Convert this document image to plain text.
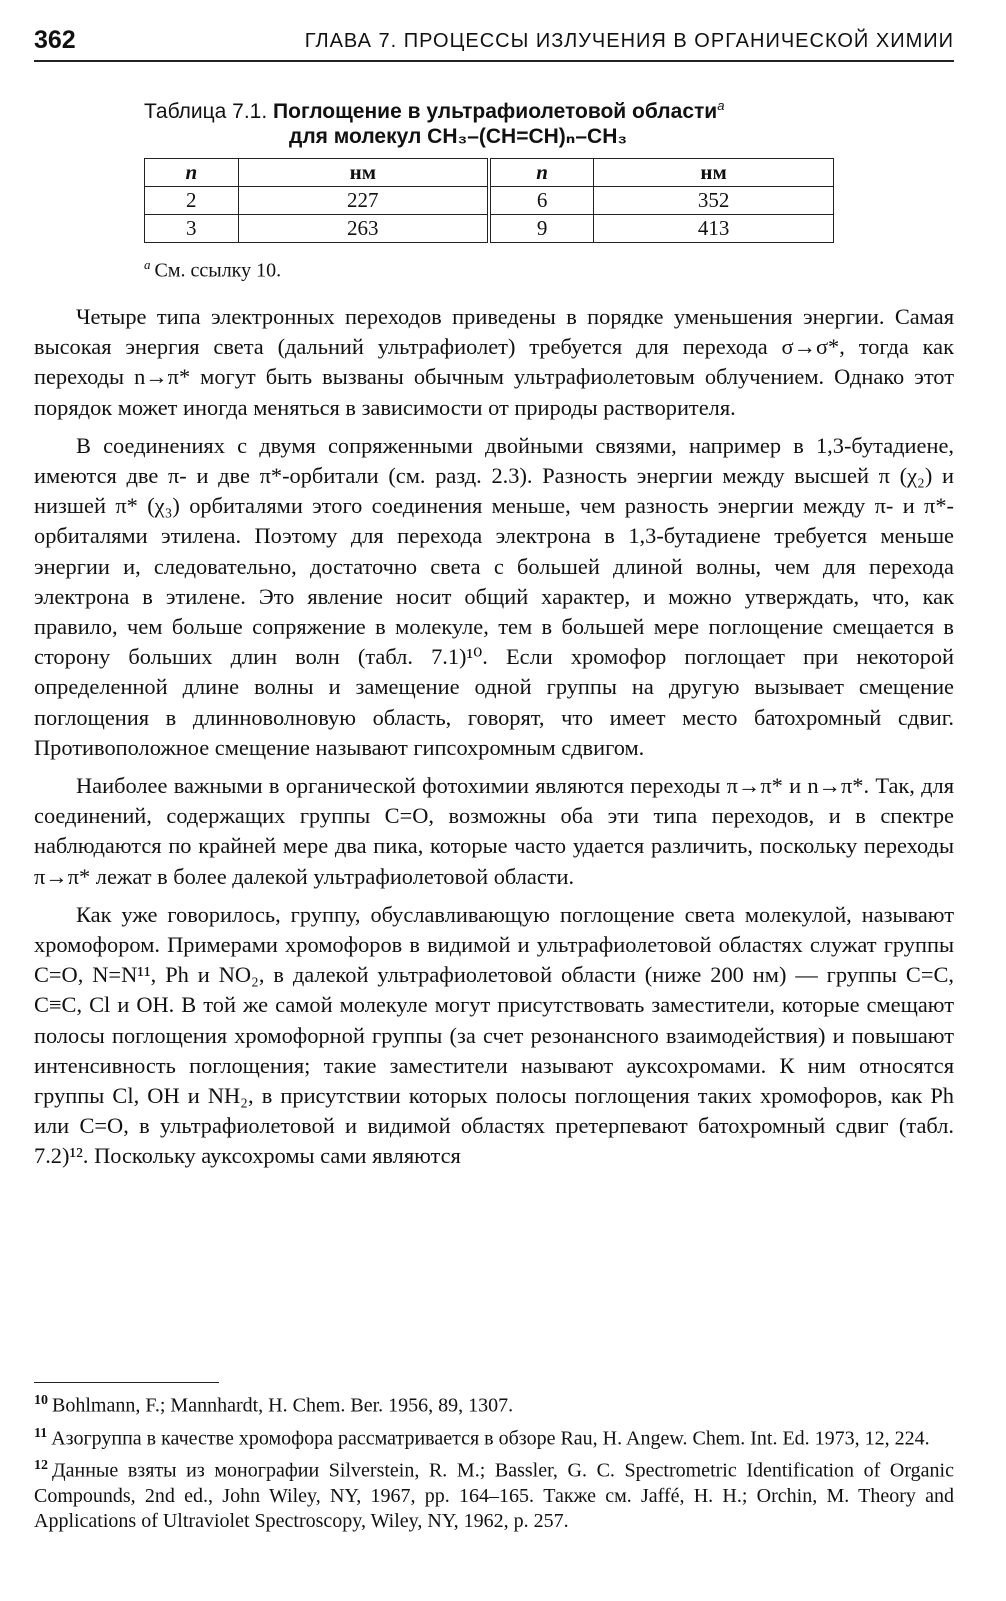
362	ГЛАВА 7. ПРОЦЕССЫ ИЗЛУЧЕНИЯ В ОРГАНИЧЕСКОЙ ХИМИИ
Таблица 7.1. Поглощение в ультрафиолетовой области$^a$
для молекул CH₃–(CH=CH)ₙ–CH₃
n	нм	n	нм
2	227	6	352
3	263	9	413
$^a$ См. ссылку 10.

Четыре типа электронных переходов приведены в порядке уменьшения энергии. Самая высокая энергия света (дальний ультрафиолет) требуется для перехода σ→σ*, тогда как переходы n→π* могут быть вызваны обычным ультрафиолетовым облучением. Однако этот порядок может иногда меняться в зависимости от природы растворителя.

В соединениях с двумя сопряженными двойными связями, например в 1,3-бутадиене, имеются две π- и две π*-орбитали (см. разд. 2.3). Разность энергии между высшей π (χ₂) и низшей π* (χ₃) орбиталями этого соединения меньше, чем разность энергии между π- и π*-орбиталями этилена. Поэтому для перехода электрона в 1,3-бутадиене требуется меньше энергии и, следовательно, достаточно света с большей длиной волны, чем для перехода электрона в этилене. Это явление носит общий характер, и можно утверждать, что, как правило, чем больше сопряжение в молекуле, тем в большей мере поглощение смещается в сторону больших длин волн (табл. 7.1)¹⁰. Если хромофор поглощает при некоторой определенной длине волны и замещение одной группы на другую вызывает смещение поглощения в длинноволновую область, говорят, что имеет место батохромный сдвиг. Противоположное смещение называют гипсохромным сдвигом.

Наиболее важными в органической фотохимии являются переходы π→π* и n→π*. Так, для соединений, содержащих группы C=O, возможны оба эти типа переходов, и в спектре наблюдаются по крайней мере два пика, которые часто удается различить, поскольку переходы π→π* лежат в более далекой ультрафиолетовой области.

Как уже говорилось, группу, обуславливающую поглощение света молекулой, называют хромофором. Примерами хромофоров в видимой и ультрафиолетовой областях служат группы C=O, N=N¹¹, Ph и NO₂, в далекой ультрафиолетовой области (ниже 200 нм) — группы C=C, C≡C, Cl и OH. В той же самой молекуле могут присутствовать заместители, которые смещают полосы поглощения хромофорной группы (за счет резонансного взаимодействия) и повышают интенсивность поглощения; такие заместители называют ауксохромами. К ним относятся группы Cl, OH и NH₂, в присутствии которых полосы поглощения таких хромофоров, как Ph или C=O, в ультрафиолетовой и видимой областях претерпевают батохромный сдвиг (табл. 7.2)¹². Поскольку ауксохромы сами являются

$^{10}$ Bohlmann, F.; Mannhardt, H. Chem. Ber. 1956, 89, 1307.
$^{11}$ Азогруппа в качестве хромофора рассматривается в обзоре Rau, H. Angew. Chem. Int. Ed. 1973, 12, 224.
$^{12}$ Данные взяты из монографии Silverstein, R. M.; Bassler, G. C. Spectrometric Identification of Organic Compounds, 2nd ed., John Wiley, NY, 1967, pp. 164–165. Также см. Jaffé, H. H.; Orchin, M. Theory and Applications of Ultraviolet Spectroscopy, Wiley, NY, 1962, p. 257.
